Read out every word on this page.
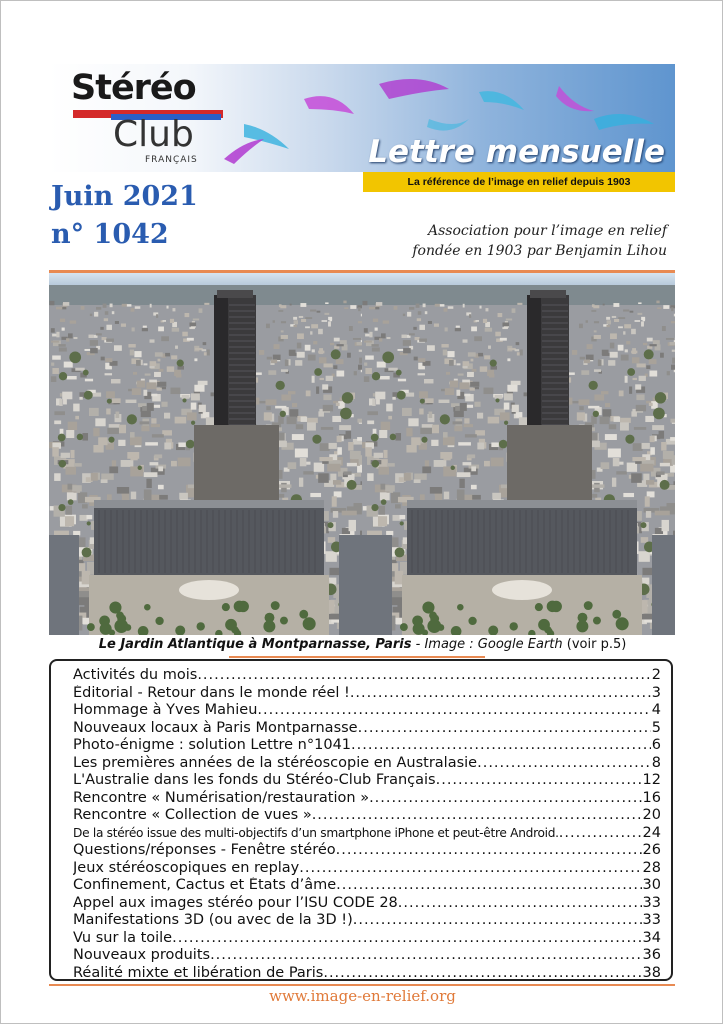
Stéréo
Club
FRANÇAIS	Lettre mensuelle
La référence de l’image en relief depuis 1903
Juin 2021
n° 1042	Association pour l’image en relief
fondée en 1903 par Benjamin Lihou
Le Jardin Atlantique à Montparnasse, Paris - Image : Google Earth (voir p.5)
Activités du mois .....	2
Éditorial - Retour dans le monde réel ! .....	3
Hommage à Yves Mahieu .....	4
Nouveaux locaux à Paris Montparnasse .....	5
Photo-énigme : solution Lettre n°1041 .....	6
Les premières années de la stéréoscopie en Australasie .....	8
L'Australie dans les fonds du Stéréo-Club Français .....	12
Rencontre « Numérisation/restauration » .....	16
Rencontre « Collection de vues » .....	20
De la stéréo issue des multi-objectifs d’un smartphone iPhone et peut-être Android. .....	24
Questions/réponses - Fenêtre stéréo .....	26
Jeux stéréoscopiques en replay .....	28
Confinement, Cactus et États d’âme .....	30
Appel aux images stéréo pour l’ISU CODE 28 .....	33
Manifestations 3D (ou avec de la 3D !) .....	33
Vu sur la toile .....	34
Nouveaux produits .....	36
Réalité mixte et libération de Paris .....	38
www.image-en-relief.org
